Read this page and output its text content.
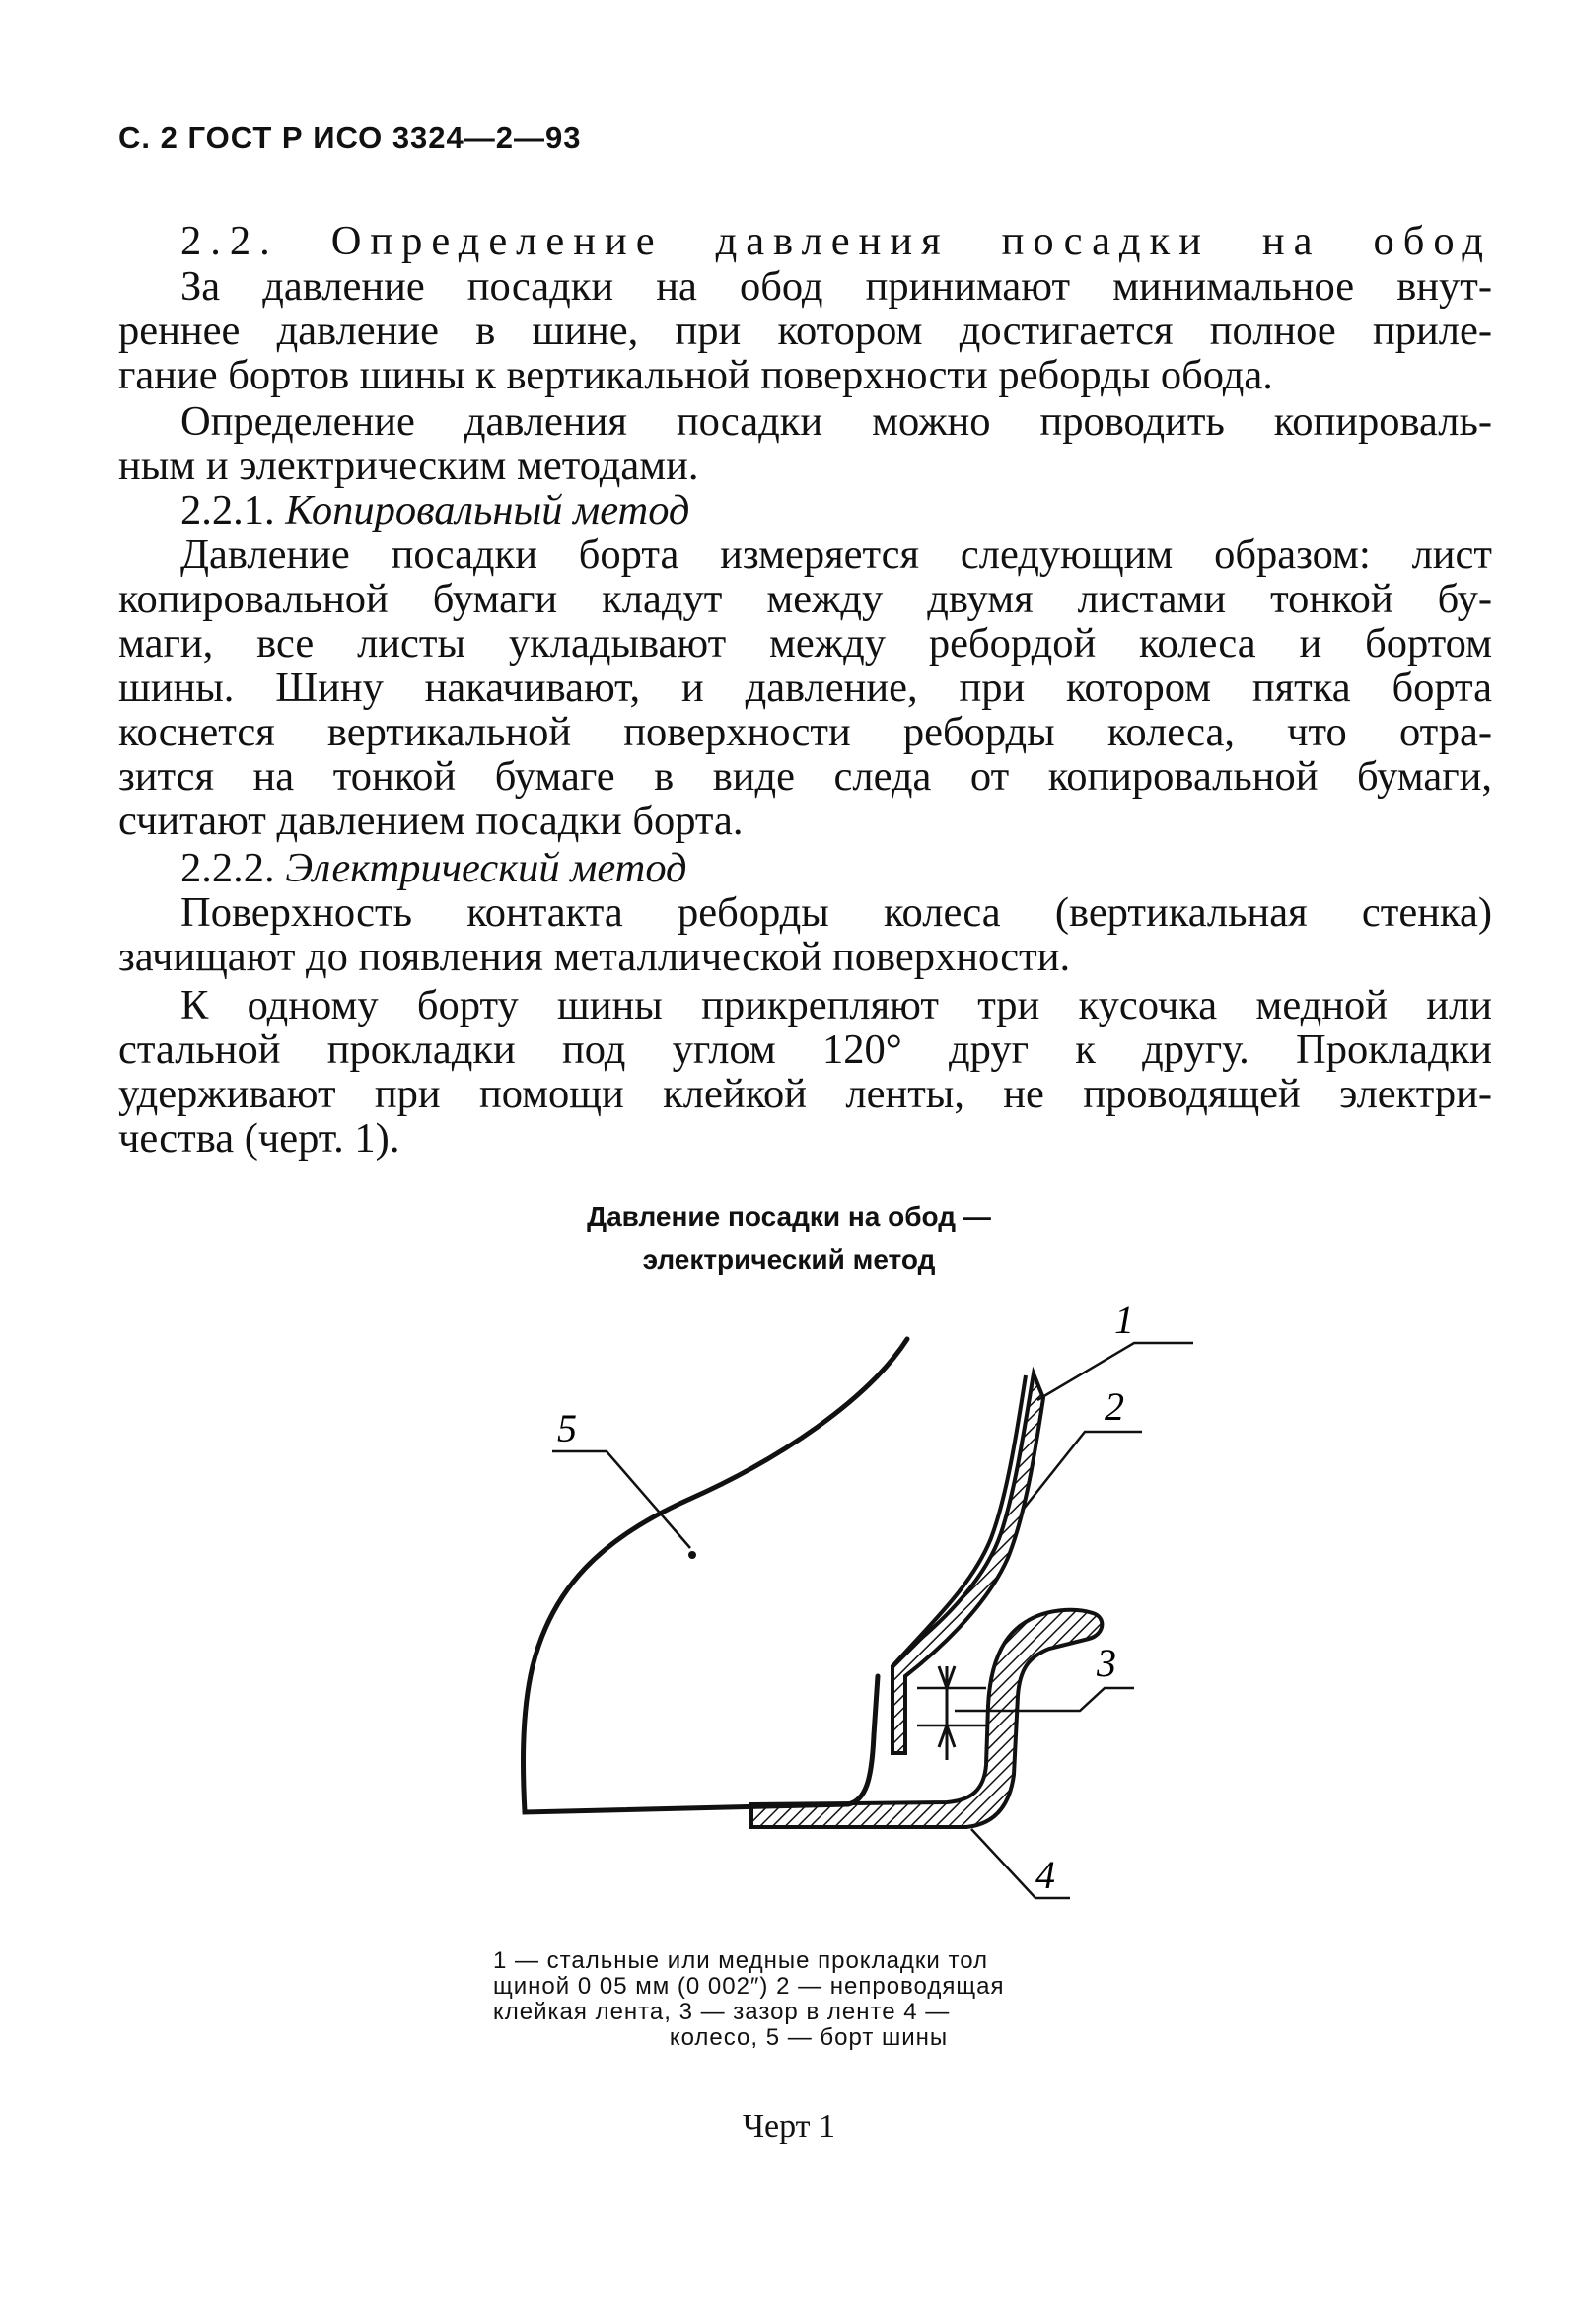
С. 2 ГОСТ Р ИСО 3324—2—93
2.2. Определение давления посадки на обод
За давление посадки на обод принимают минимальное внут-
реннее давление в шине, при котором достигается полное приле-
гание бортов шины к вертикальной поверхности реборды обода.
Определение давления посадки можно проводить копироваль-
ным и электрическим методами.
2.2.1. Копировальный метод
Давление посадки борта измеряется следующим образом: лист
копировальной бумаги кладут между двумя листами тонкой бу-
маги, все листы укладывают между ребордой колеса и бортом
шины. Шину накачивают, и давление, при котором пятка борта
коснется вертикальной поверхности реборды колеса, что отра-
зится на тонкой бумаге в виде следа от копировальной бумаги,
считают давлением посадки борта.
2.2.2. Электрический метод
Поверхность контакта реборды колеса (вертикальная стенка)
зачищают до появления металлической поверхности.
К одному борту шины прикрепляют три кусочка медной или
стальной прокладки под углом 120° друг к другу. Прокладки
удерживают при помощи клейкой ленты, не проводящей электри-
чества (черт. 1).
Давление посадки на обод —
электрический метод
1
2
3
4
5
1 — стальные или медные прокладки тол
щиной 0 05 мм (0 002″) 2 — непроводящая
клейкая лента, 3 — зазор в ленте 4 —
колесо, 5 — борт шины
Черт 1
